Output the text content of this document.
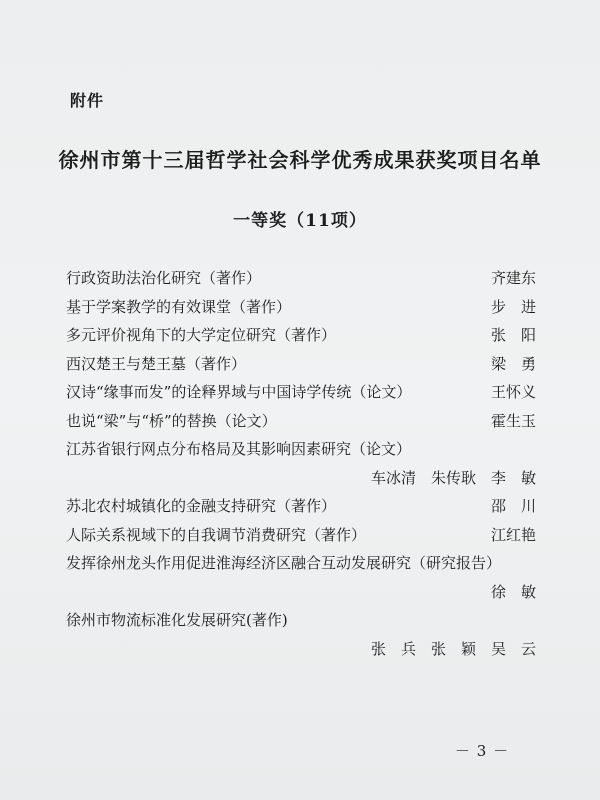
附件
徐州市第十三届哲学社会科学优秀成果获奖项目名单
一等奖（11项）
行政资助法治化研究（著作）	齐建东
基于学案教学的有效课堂（著作）	步　进
多元评价视角下的大学定位研究（著作）	张　阳
西汉楚王与楚王墓（著作）	梁　勇
汉诗“缘事而发”的诠释界域与中国诗学传统（论文）	王怀义
也说“梁”与“桥”的替换（论文）	霍生玉
江苏省银行网点分布格局及其影响因素研究（论文）
车冰清　朱传耿　李　敏
苏北农村城镇化的金融支持研究（著作）	邵　川
人际关系视域下的自我调节消费研究（著作）	江红艳
发挥徐州龙头作用促进淮海经济区融合互动发展研究（研究报告）
徐　敏
徐州市物流标准化发展研究(著作)
张　兵　张　颖　吴　云
－ 3 －
